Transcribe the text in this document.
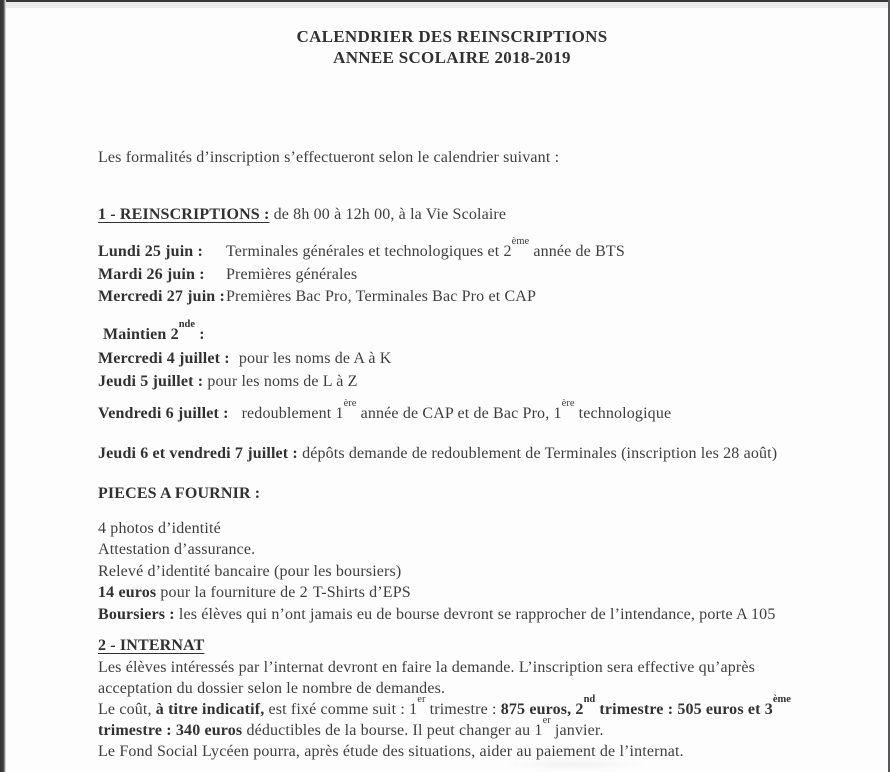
CALENDRIER DES REINSCRIPTIONS
ANNEE SCOLAIRE 2018-2019
Les formalités d’inscription s’effectueront selon le calendrier suivant :
1 - REINSCRIPTIONS : de 8h 00 à 12h 00, à la Vie Scolaire
Lundi 25 juin : Terminales générales et technologiques et 2ème année de BTS
Mardi 26 juin : Premières générales
Mercredi 27 juin :Premières Bac Pro, Terminales Bac Pro et CAP
Maintien 2nde :
Mercredi 4 juillet : pour les noms de A à K
Jeudi 5 juillet : pour les noms de L à Z
Vendredi 6 juillet : redoublement 1ère année de CAP et de Bac Pro, 1ère technologique
Jeudi 6 et vendredi 7 juillet : dépôts demande de redoublement de Terminales (inscription les 28 août)
PIECES A FOURNIR :
4 photos d’identité
Attestation d’assurance.
Relevé d’identité bancaire (pour les boursiers)
14 euros pour la fourniture de 2 T-Shirts d’EPS
Boursiers : les élèves qui n’ont jamais eu de bourse devront se rapprocher de l’intendance, porte A 105
2 - INTERNAT
Les élèves intéressés par l’internat devront en faire la demande. L’inscription sera effective qu’après
acceptation du dossier selon le nombre de demandes.
Le coût, à titre indicatif, est fixé comme suit : 1er trimestre : 875 euros, 2nd trimestre : 505 euros et 3ème
trimestre : 340 euros déductibles de la bourse. Il peut changer au 1er janvier.
Le Fond Social Lycéen pourra, après étude des situations, aider au paiement de l’internat.
